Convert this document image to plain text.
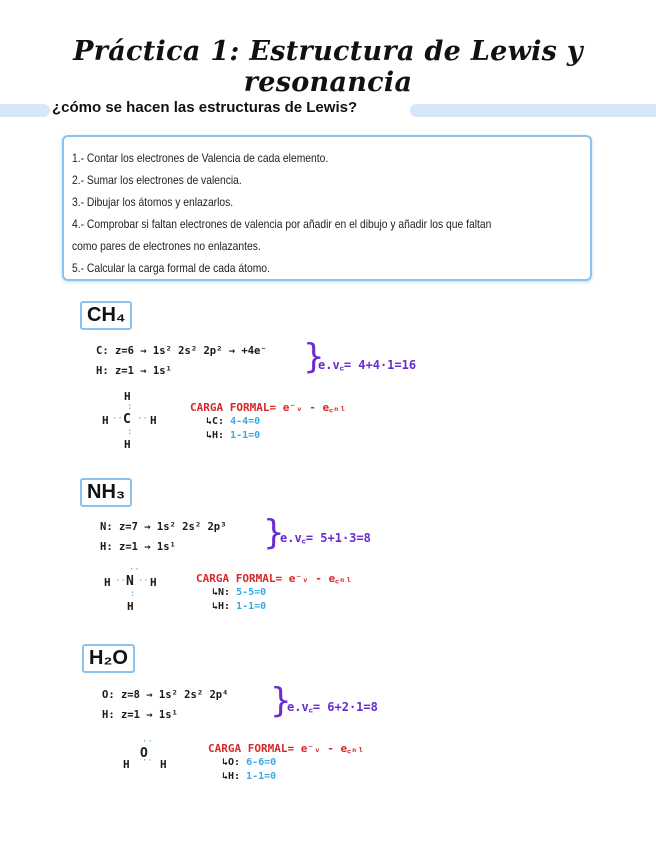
Práctica 1: Estructura de Lewis y resonancia
¿cómo se hacen las estructuras de Lewis?
1.- Contar los electrones de Valencia de cada elemento.
2.- Sumar los electrones de valencia.
3.- Dibujar los átomos y enlazarlos.
4.- Comprobar si faltan electrones de valencia por añadir en el dibujo y añadir los que faltan
como pares de electrones no enlazantes.
5.- Calcular la carga formal de cada átomo.
CH₄
C: z=6 → 1s² 2s² 2p² → +4e⁻
H: z=1 → 1s¹	}
e.v꜀= 4+4·1=16
H
H C H
H
:
:
·· ··
CARGA FORMAL= e⁻ᵥ - e꜀ₙₗ
↳C: 4-4=0
↳H: 1-1=0
NH₃
N: z=7 → 1s² 2s² 2p³
H: z=1 → 1s¹	}
e.v꜀= 5+1·3=8
H N H
H
··
·· ··
:
CARGA FORMAL= e⁻ᵥ - e꜀ₙₗ
↳N: 5-5=0
↳H: 1-1=0
H₂O
O: z=8 → 1s² 2s² 2p⁴
H: z=1 → 1s¹	}
e.v꜀= 6+2·1=8
O
H	H
··
··
CARGA FORMAL= e⁻ᵥ - e꜀ₙₗ
↳O: 6-6=0
↳H: 1-1=0
